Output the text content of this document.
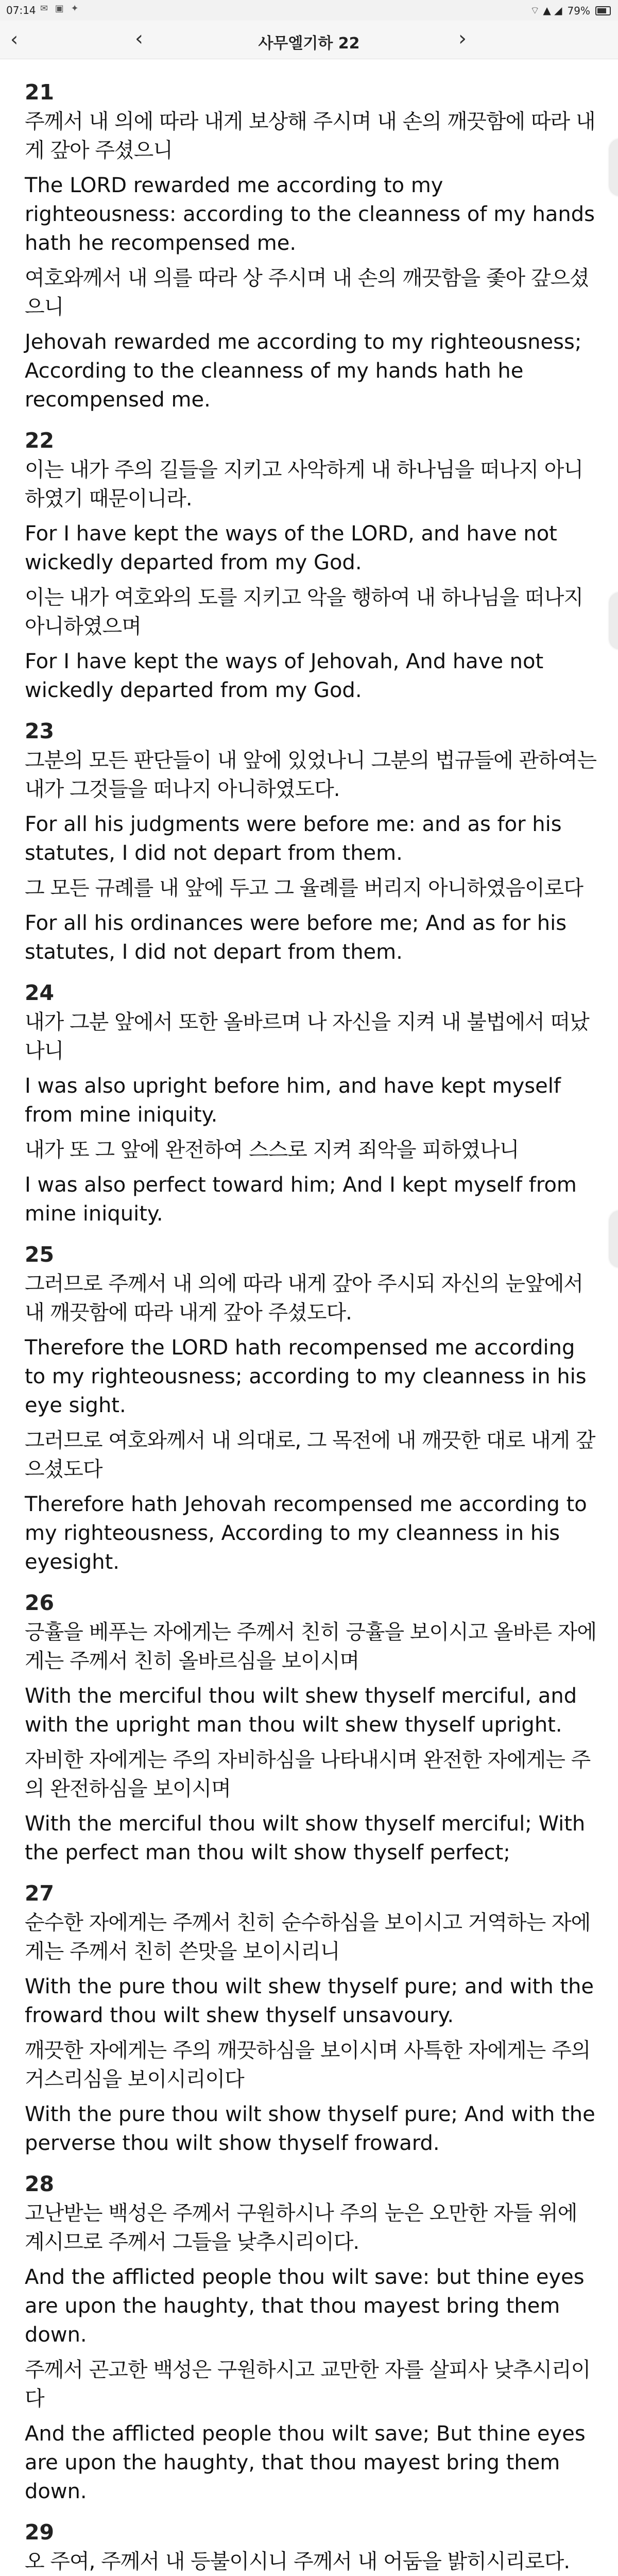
07:14 ✉ ▣ ✦	⌔ ▲ ◢ 79%
‹	‹	사무엘기하 22	›
21
주께서 내 의에 따라 내게 보상해 주시며 내 손의 깨끗함에 따라 내게 갚아 주셨으니
The LORD rewarded me according to my righteousness: according to the cleanness of my hands hath he recompensed me.
여호와께서 내 의를 따라 상 주시며 내 손의 깨끗함을 좇아 갚으셨으니
Jehovah rewarded me according to my righteousness; According to the cleanness of my hands hath he recompensed me.
22
이는 내가 주의 길들을 지키고 사악하게 내 하나님을 떠나지 아니하였기 때문이니라.
For I have kept the ways of the LORD, and have not wickedly departed from my God.
이는 내가 여호와의 도를 지키고 악을 행하여 내 하나님을 떠나지 아니하였으며
For I have kept the ways of Jehovah, And have not wickedly departed from my God.
23
그분의 모든 판단들이 내 앞에 있었나니 그분의 법규들에 관하여는 내가 그것들을 떠나지 아니하였도다.
For all his judgments were before me: and as for his statutes, I did not depart from them.
그 모든 규례를 내 앞에 두고 그 율례를 버리지 아니하였음이로다
For all his ordinances were before me; And as for his statutes, I did not depart from them.
24
내가 그분 앞에서 또한 올바르며 나 자신을 지켜 내 불법에서 떠났나니
I was also upright before him, and have kept myself from mine iniquity.
내가 또 그 앞에 완전하여 스스로 지켜 죄악을 피하였나니
I was also perfect toward him; And I kept myself from mine iniquity.
25
그러므로 주께서 내 의에 따라 내게 갚아 주시되 자신의 눈앞에서 내 깨끗함에 따라 내게 갚아 주셨도다.
Therefore the LORD hath recompensed me according to my righteousness; according to my cleanness in his eye sight.
그러므로 여호와께서 내 의대로, 그 목전에 내 깨끗한 대로 내게 갚으셨도다
Therefore hath Jehovah recompensed me according to my righteousness, According to my cleanness in his eyesight.
26
긍휼을 베푸는 자에게는 주께서 친히 긍휼을 보이시고 올바른 자에게는 주께서 친히 올바르심을 보이시며
With the merciful thou wilt shew thyself merciful, and with the upright man thou wilt shew thyself upright.
자비한 자에게는 주의 자비하심을 나타내시며 완전한 자에게는 주의 완전하심을 보이시며
With the merciful thou wilt show thyself merciful; With the perfect man thou wilt show thyself perfect;
27
순수한 자에게는 주께서 친히 순수하심을 보이시고 거역하는 자에게는 주께서 친히 쓴맛을 보이시리니
With the pure thou wilt shew thyself pure; and with the froward thou wilt shew thyself unsavoury.
깨끗한 자에게는 주의 깨끗하심을 보이시며 사특한 자에게는 주의 거스리심을 보이시리이다
With the pure thou wilt show thyself pure; And with the perverse thou wilt show thyself froward.
28
고난받는 백성은 주께서 구원하시나 주의 눈은 오만한 자들 위에 계시므로 주께서 그들을 낮추시리이다.
And the afflicted people thou wilt save: but thine eyes are upon the haughty, that thou mayest bring them down.
주께서 곤고한 백성은 구원하시고 교만한 자를 살피사 낮추시리이다
And the afflicted people thou wilt save; But thine eyes are upon the haughty, that thou mayest bring them down.
29
오 주여, 주께서 내 등불이시니 주께서 내 어둠을 밝히시리로다.
